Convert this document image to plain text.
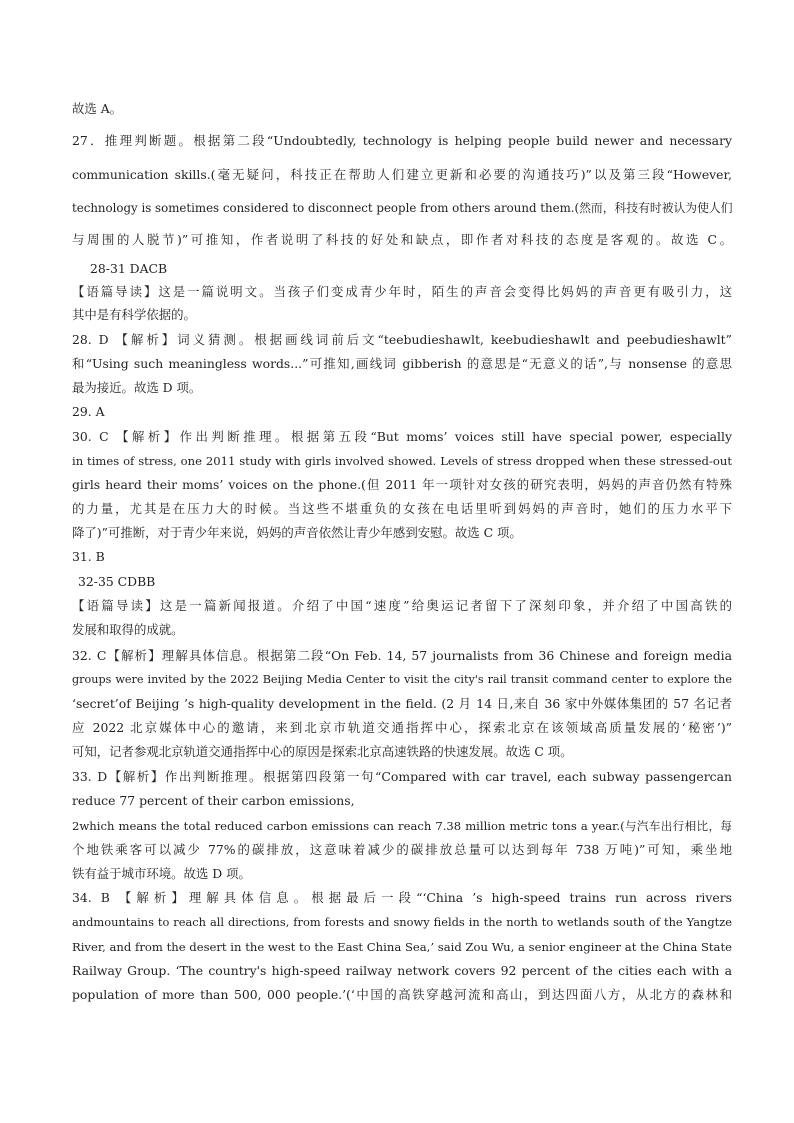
故选 A。
27．推理判断题。根据第二段“Undoubtedly, technology is helping people build newer and necessary
communication skills.(毫无疑问，科技正在帮助人们建立更新和必要的沟通技巧)”以及第三段“However,
technology is sometimes considered to disconnect people from others around them.(然而，科技有时被认为使人们
与周围的人脱节)”可推知，作者说明了科技的好处和缺点，即作者对科技的态度是客观的。故选 C。
28-31 DACB
【语篇导读】这是一篇说明文。当孩子们变成青少年时，陌生的声音会变得比妈妈的声音更有吸引力，这
其中是有科学依据的。
28. D 【解析】词义猜测。根据画线词前后文“teebudieshawlt, keebudieshawlt and peebudieshawlt”
和“Using such meaningless words...”可推知,画线词 gibberish 的意思是“无意义的话”,与 nonsense 的意思
最为接近。故选 D 项。
29. A
30. C 【解析】作出判断推理。根据第五段“But moms’ voices still have special power, especially
in times of stress, one 2011 study with girls involved showed. Levels of stress dropped when these stressed-out
girls heard their moms’ voices on the phone.(但 2011 年一项针对女孩的研究表明，妈妈的声音仍然有特殊
的力量，尤其是在压力大的时候。当这些不堪重负的女孩在电话里听到妈妈的声音时，她们的压力水平下
降了)”可推断，对于青少年来说，妈妈的声音依然让青少年感到安慰。故选 C 项。
31. B
32-35 CDBB
【语篇导读】这是一篇新闻报道。介绍了中国“速度”给奥运记者留下了深刻印象，并介绍了中国高铁的
发展和取得的成就。
32. C【解析】理解具体信息。根据第二段“On Feb. 14, 57 journalists from 36 Chinese and foreign media
groups were invited by the 2022 Beijing Media Center to visit the city's rail transit command center to explore the
‘secret’of Beijing ’s high-quality development in the field. (2 月 14 日,来自 36 家中外媒体集团的 57 名记者
应 2022 北京媒体中心的邀请，来到北京市轨道交通指挥中心，探索北京在该领域高质量发展的‘秘密’)”
可知，记者参观北京轨道交通指挥中心的原因是探索北京高速铁路的快速发展。故选 C 项。
33. D【解析】作出判断推理。根据第四段第一句“Compared with car travel, each subway passengercan
reduce 77 percent of their carbon emissions,
2which means the total reduced carbon emissions can reach 7.38 million metric tons a year.(与汽车出行相比，每
个地铁乘客可以减少 77%的碳排放，这意味着减少的碳排放总量可以达到每年 738 万吨)”可知，乘坐地
铁有益于城市环境。故选 D 项。
34. B 【解析】理解具体信息。根据最后一段“‘China ’s high-speed trains run across rivers
andmountains to reach all directions, from forests and snowy fields in the north to wetlands south of the Yangtze
River, and from the desert in the west to the East China Sea,’ said Zou Wu, a senior engineer at the China State
Railway Group. ‘The country's high-speed railway network covers 92 percent of the cities each with a
population of more than 500, 000 people.’(‘中国的高铁穿越河流和高山，到达四面八方，从北方的森林和
